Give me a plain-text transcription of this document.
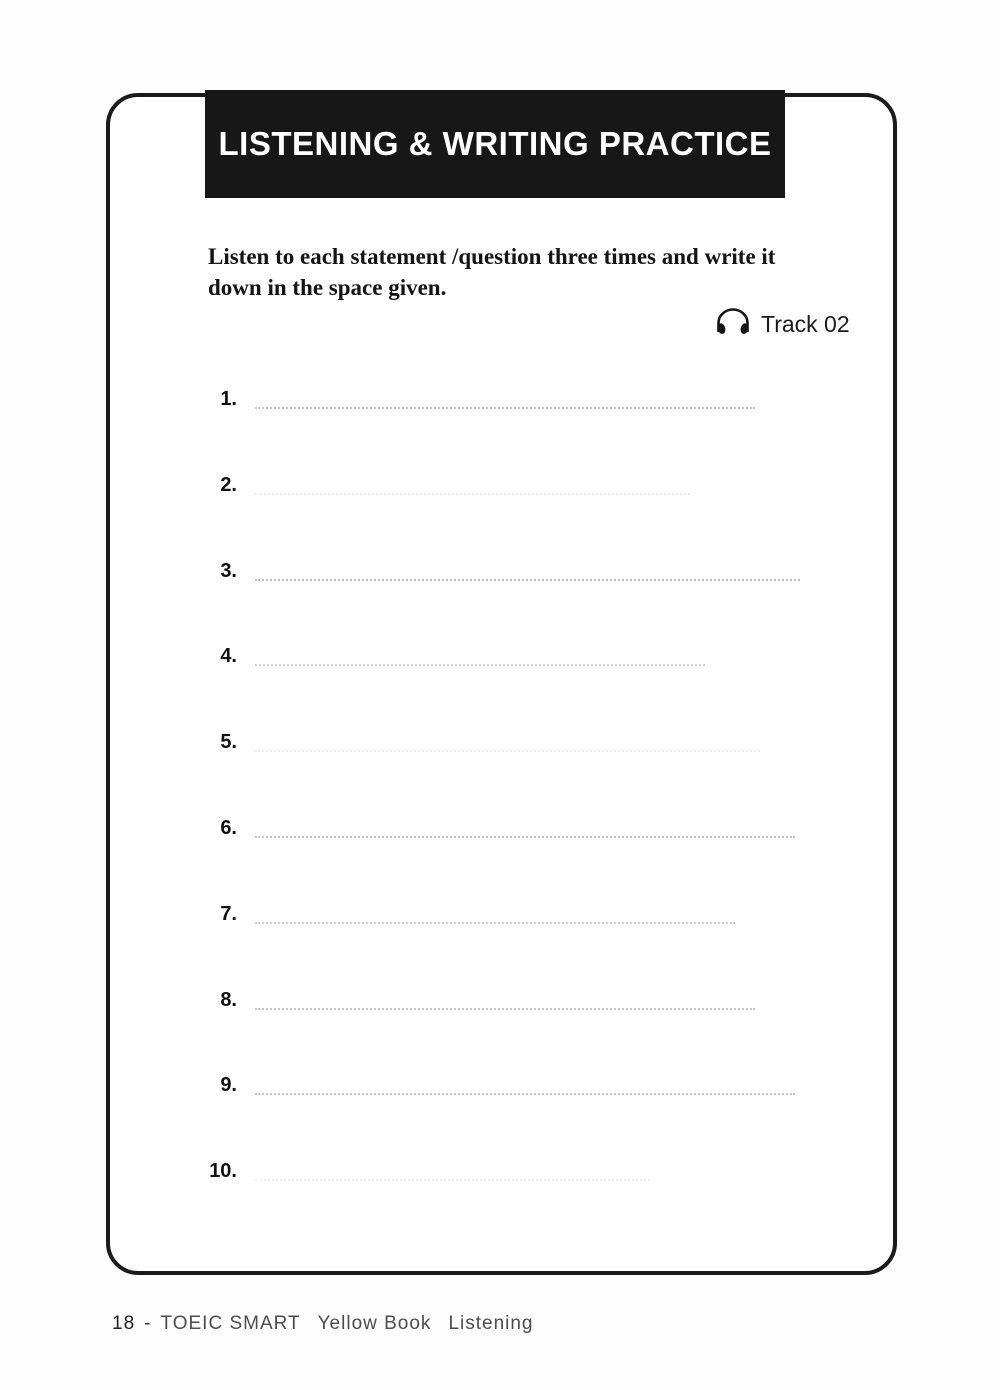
LISTENING & WRITING PRACTICE
Listen to each statement /question three times and write it
down in the space given.
Track 02
1.
2.
3.
4.
5.
6.
7.
8.
9.
10.
18 - TOEIC SMART Yellow Book Listening
